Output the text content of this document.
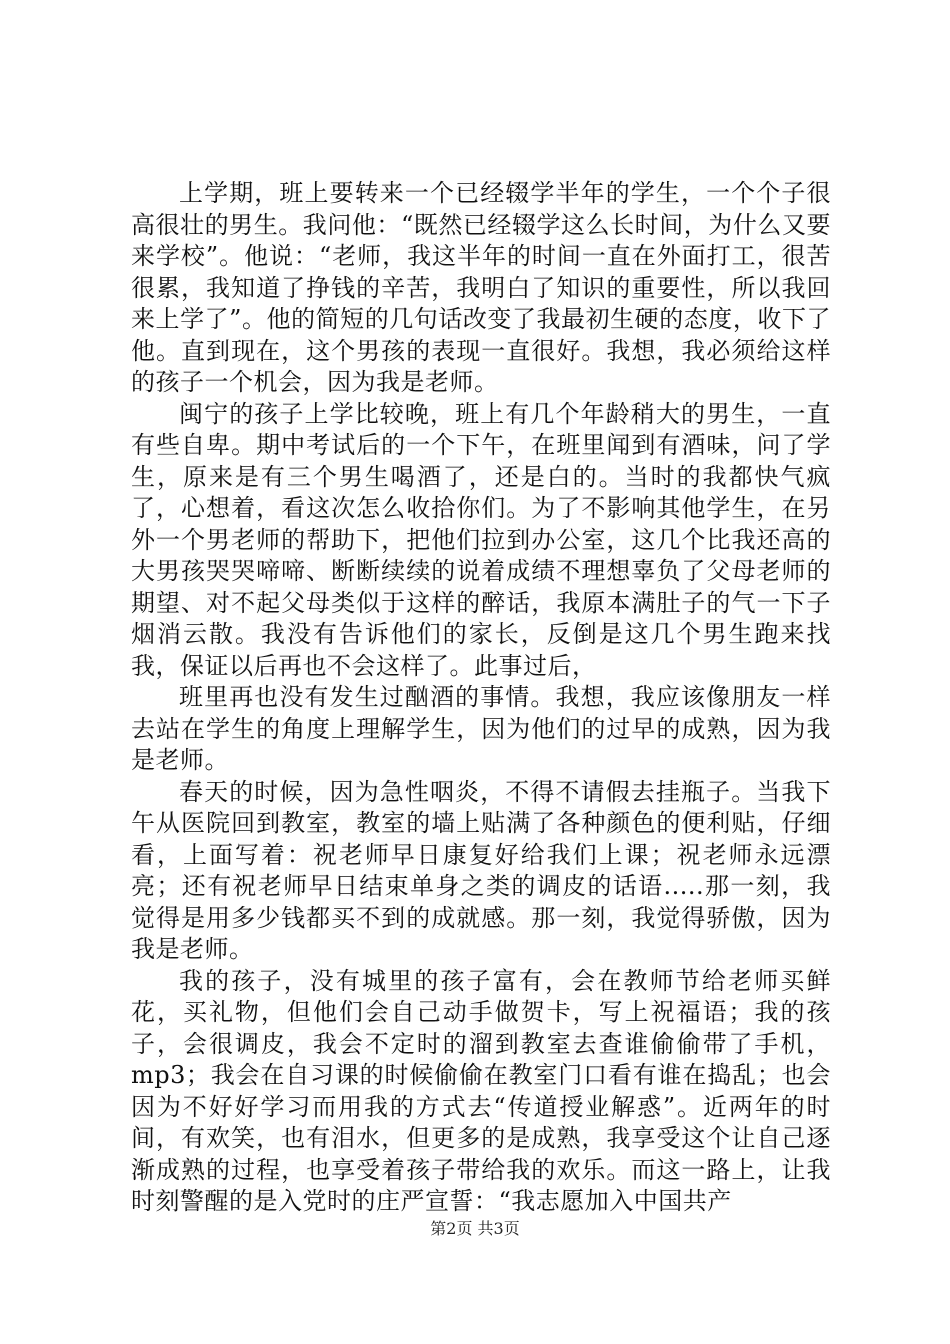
上学期，班上要转来一个已经辍学半年的学生，一个个子很高很壮的男生。我问他：“既然已经辍学这么长时间，为什么又要来学校”。他说：“老师，我这半年的时间一直在外面打工，很苦很累，我知道了挣钱的辛苦，我明白了知识的重要性，所以我回来上学了”。他的简短的几句话改变了我最初生硬的态度，收下了他。直到现在，这个男孩的表现一直很好。我想，我必须给这样的孩子一个机会，因为我是老师。

闽宁的孩子上学比较晚，班上有几个年龄稍大的男生，一直有些自卑。期中考试后的一个下午，在班里闻到有酒味，问了学生，原来是有三个男生喝酒了，还是白的。当时的我都快气疯了，心想着，看这次怎么收拾你们。为了不影响其他学生，在另外一个男老师的帮助下，把他们拉到办公室，这几个比我还高的大男孩哭哭啼啼、断断续续的说着成绩不理想辜负了父母老师的期望、对不起父母类似于这样的醉话，我原本满肚子的气一下子烟消云散。我没有告诉他们的家长，反倒是这几个男生跑来找我，保证以后再也不会这样了。此事过后，

班里再也没有发生过酗酒的事情。我想，我应该像朋友一样去站在学生的角度上理解学生，因为他们的过早的成熟，因为我是老师。

春天的时候，因为急性咽炎，不得不请假去挂瓶子。当我下午从医院回到教室，教室的墙上贴满了各种颜色的便利贴，仔细看，上面写着：祝老师早日康复好给我们上课；祝老师永远漂亮；还有祝老师早日结束单身之类的调皮的话语.....那一刻，我觉得是用多少钱都买不到的成就感。那一刻，我觉得骄傲，因为我是老师。

我的孩子，没有城里的孩子富有，会在教师节给老师买鲜花，买礼物，但他们会自己动手做贺卡，写上祝福语；我的孩子，会很调皮，我会不定时的溜到教室去查谁偷偷带了手机，mp3；我会在自习课的时候偷偷在教室门口看有谁在捣乱；也会因为不好好学习而用我的方式去“传道授业解惑”。近两年的时间，有欢笑，也有泪水，但更多的是成熟，我享受这个让自己逐渐成熟的过程，也享受着孩子带给我的欢乐。而这一路上，让我时刻警醒的是入党时的庄严宣誓：“我志愿加入中国共产

第2页 共3页
